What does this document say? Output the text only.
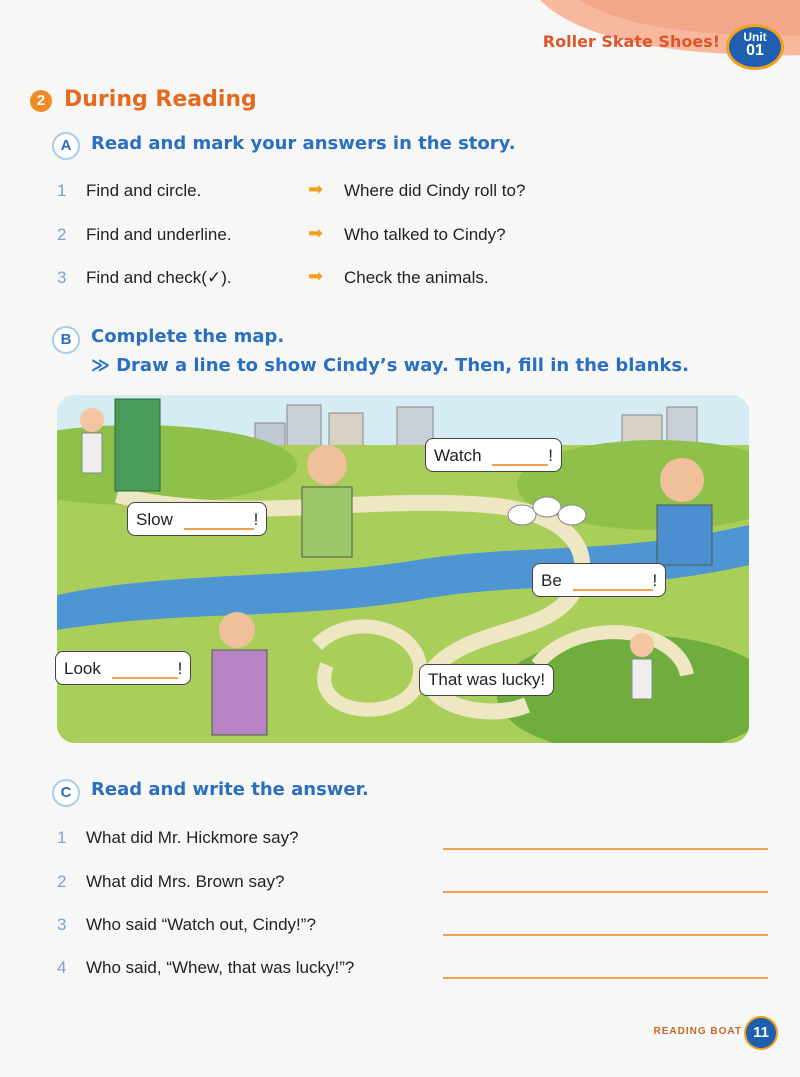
Roller Skate Shoes!	Unit
01
2 During Reading
A	Read and mark your answers in the story.
1 Find and circle.	➡ Where did Cindy roll to?
2 Find and underline.	➡ Who talked to Cindy?
3 Find and check(✓).	➡ Check the animals.
B	Complete the map.
≫ Draw a line to show Cindy’s way. Then, fill in the blanks.
Watch	!
Slow	!
Be	!
Look	!
That was lucky!
C	Read and write the answer.
1 What did Mr. Hickmore say?
2 What did Mrs. Brown say?
3 Who said “Watch out, Cindy!”?
4 Who said, “Whew, that was lucky!”?
READING BOAT 11
